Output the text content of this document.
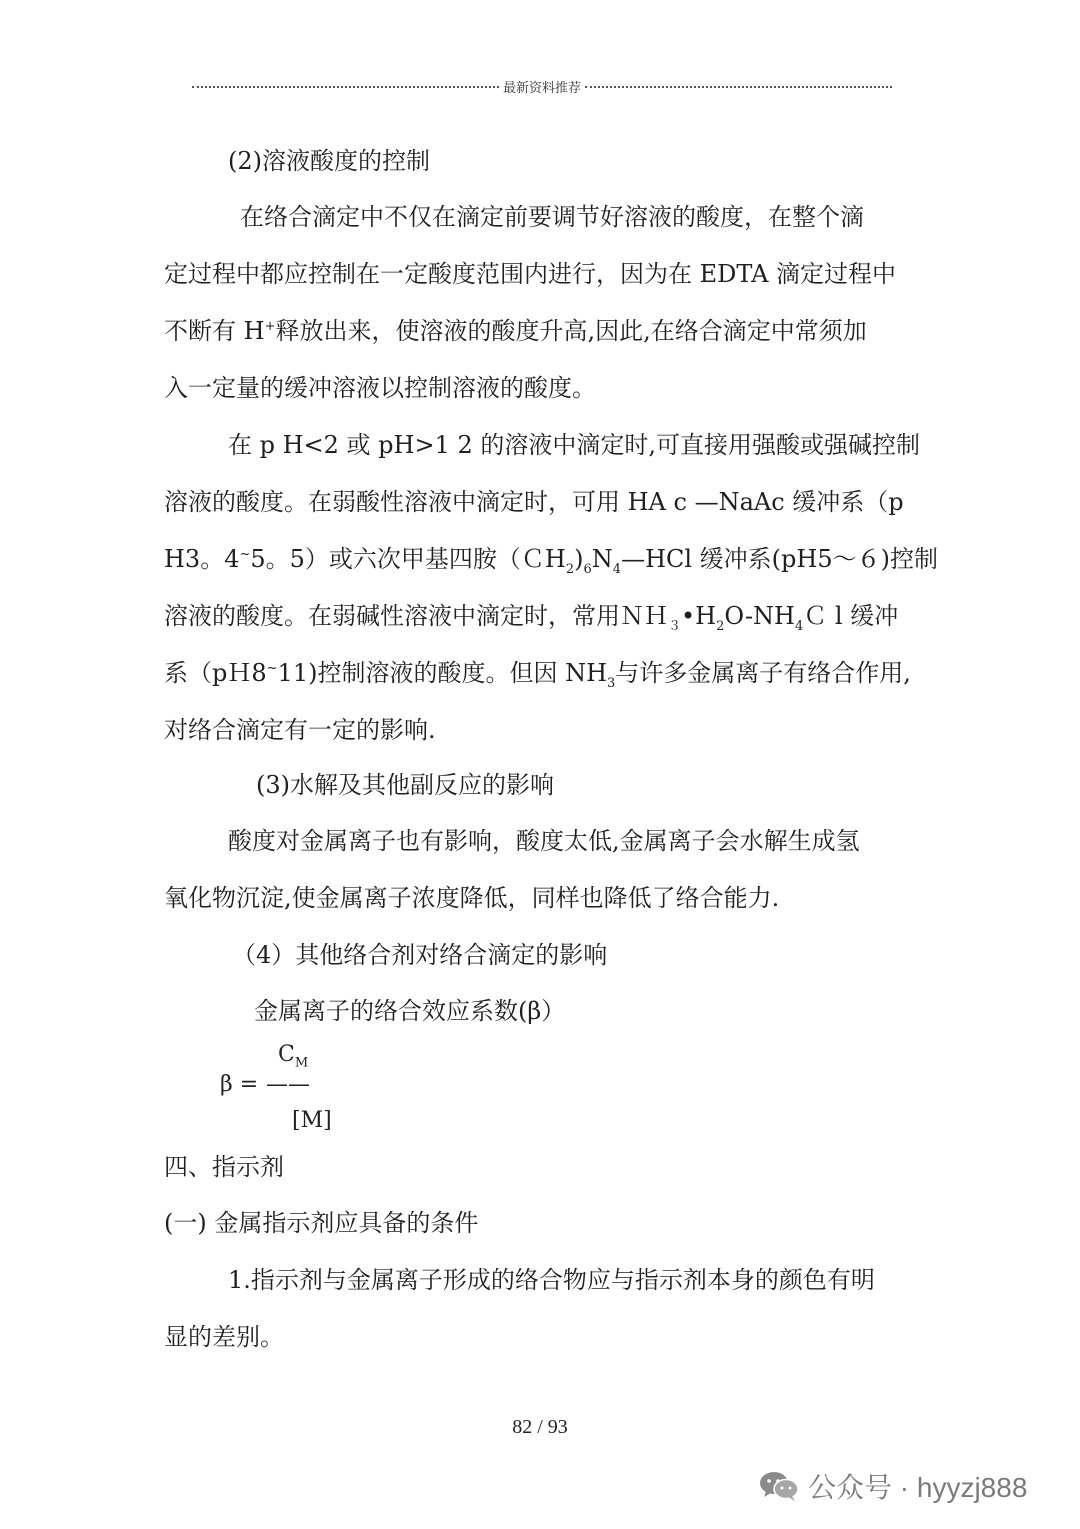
最新资料推荐
(2)溶液酸度的控制
在络合滴定中不仅在滴定前要调节好溶液的酸度，在整个滴
定过程中都应控制在一定酸度范围内进行，因为在 EDTA 滴定过程中
不断有 H+释放出来，使溶液的酸度升高,因此,在络合滴定中常须加
入一定量的缓冲溶液以控制溶液的酸度。
在 p H<2 或 pH>1 2 的溶液中滴定时,可直接用强酸或强碱控制
溶液的酸度。在弱酸性溶液中滴定时，可用 HA c —NaAc 缓冲系（p
H3。4~5。5）或六次甲基四胺$(CH_2)_6N_4—HCl$ 缓冲系(pH5～６)控制
溶液的酸度。在弱碱性溶液中滴定时，常用$NH_3•H_2O-NH_4C$ l 缓冲
系（pＨ8~11)控制溶液的酸度。但因 $NH_3$与许多金属离子有络合作用,
对络合滴定有一定的影响.
(3)水解及其他副反应的影响
酸度对金属离子也有影响，酸度太低,金属离子会水解生成氢
氧化物沉淀,使金属离子浓度降低，同样也降低了络合能力.
（4）其他络合剂对络合滴定的影响
金属离子的络合效应系数(β）
$C_M$
β = ——
[M]
四、指示剂
(一) 金属指示剂应具备的条件
1.指示剂与金属离子形成的络合物应与指示剂本身的颜色有明
显的差别。
82 / 93
公众号 · hyyzj888
